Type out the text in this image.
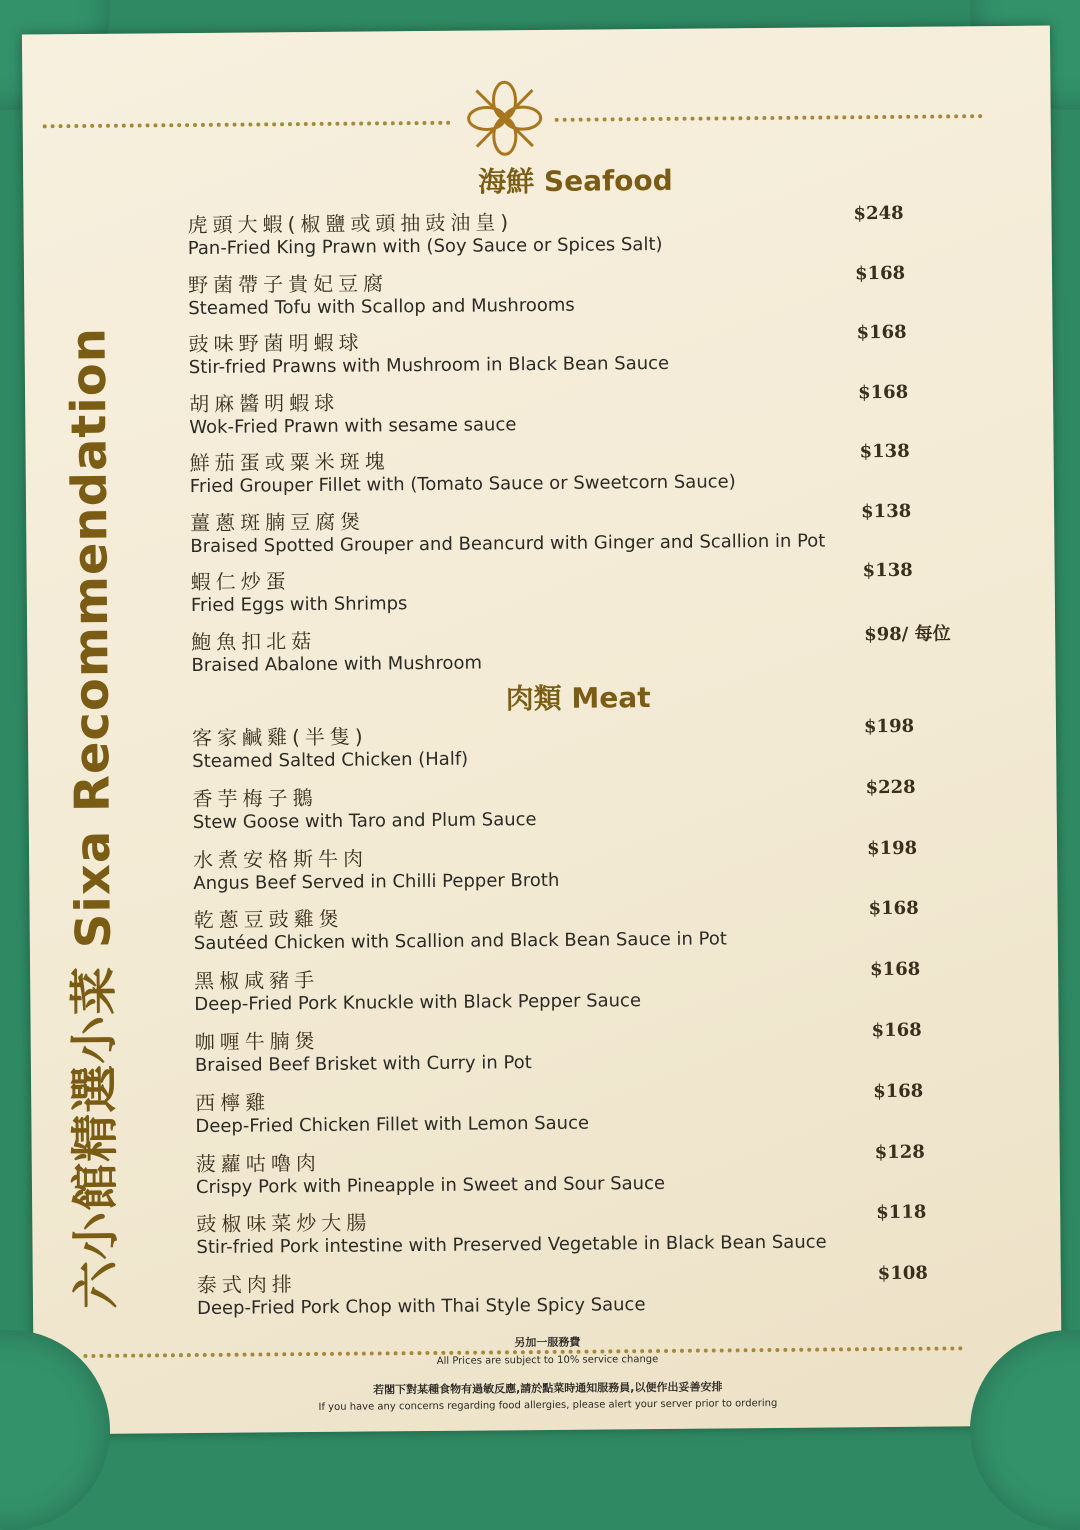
六小館精選小菜 Sixa Recommendation
海鮮 Seafood
虎頭大蝦(椒鹽或頭抽豉油皇)
Pan-Fried King Prawn with (Soy Sauce or Spices Salt)
$248
野菌帶子貴妃豆腐
Steamed Tofu with Scallop and Mushrooms
$168
豉味野菌明蝦球
Stir-fried Prawns with Mushroom in Black Bean Sauce
$168
胡麻醬明蝦球
Wok-Fried Prawn with sesame sauce
$168
鮮茄蛋或粟米斑塊
Fried Grouper Fillet with (Tomato Sauce or Sweetcorn Sauce)
$138
薑蔥斑腩豆腐煲
Braised Spotted Grouper and Beancurd with Ginger and Scallion in Pot
$138
蝦仁炒蛋
Fried Eggs with Shrimps
$138
鮑魚扣北菇
Braised Abalone with Mushroom
$98/ 每位
肉類 Meat
客家鹹雞(半隻)
Steamed Salted Chicken (Half)
$198
香芋梅子鵝
Stew Goose with Taro and Plum Sauce
$228
水煮安格斯牛肉
Angus Beef Served in Chilli Pepper Broth
$198
乾蔥豆豉雞煲
Sautéed Chicken with Scallion and Black Bean Sauce in Pot
$168
黑椒咸豬手
Deep-Fried Pork Knuckle with Black Pepper Sauce
$168
咖喱牛腩煲
Braised Beef Brisket with Curry in Pot
$168
西檸雞
Deep-Fried Chicken Fillet with Lemon Sauce
$168
菠蘿咕嚕肉
Crispy Pork with Pineapple in Sweet and Sour Sauce
$128
豉椒味菜炒大腸
Stir-fried Pork intestine with Preserved Vegetable in Black Bean Sauce
$118
泰式肉排
Deep-Fried Pork Chop with Thai Style Spicy Sauce
$108
另加一服務費
All Prices are subject to 10% service change
若閣下對某種食物有過敏反應,請於點菜時通知服務員,以便作出妥善安排
If you have any concerns regarding food allergies, please alert your server prior to ordering
